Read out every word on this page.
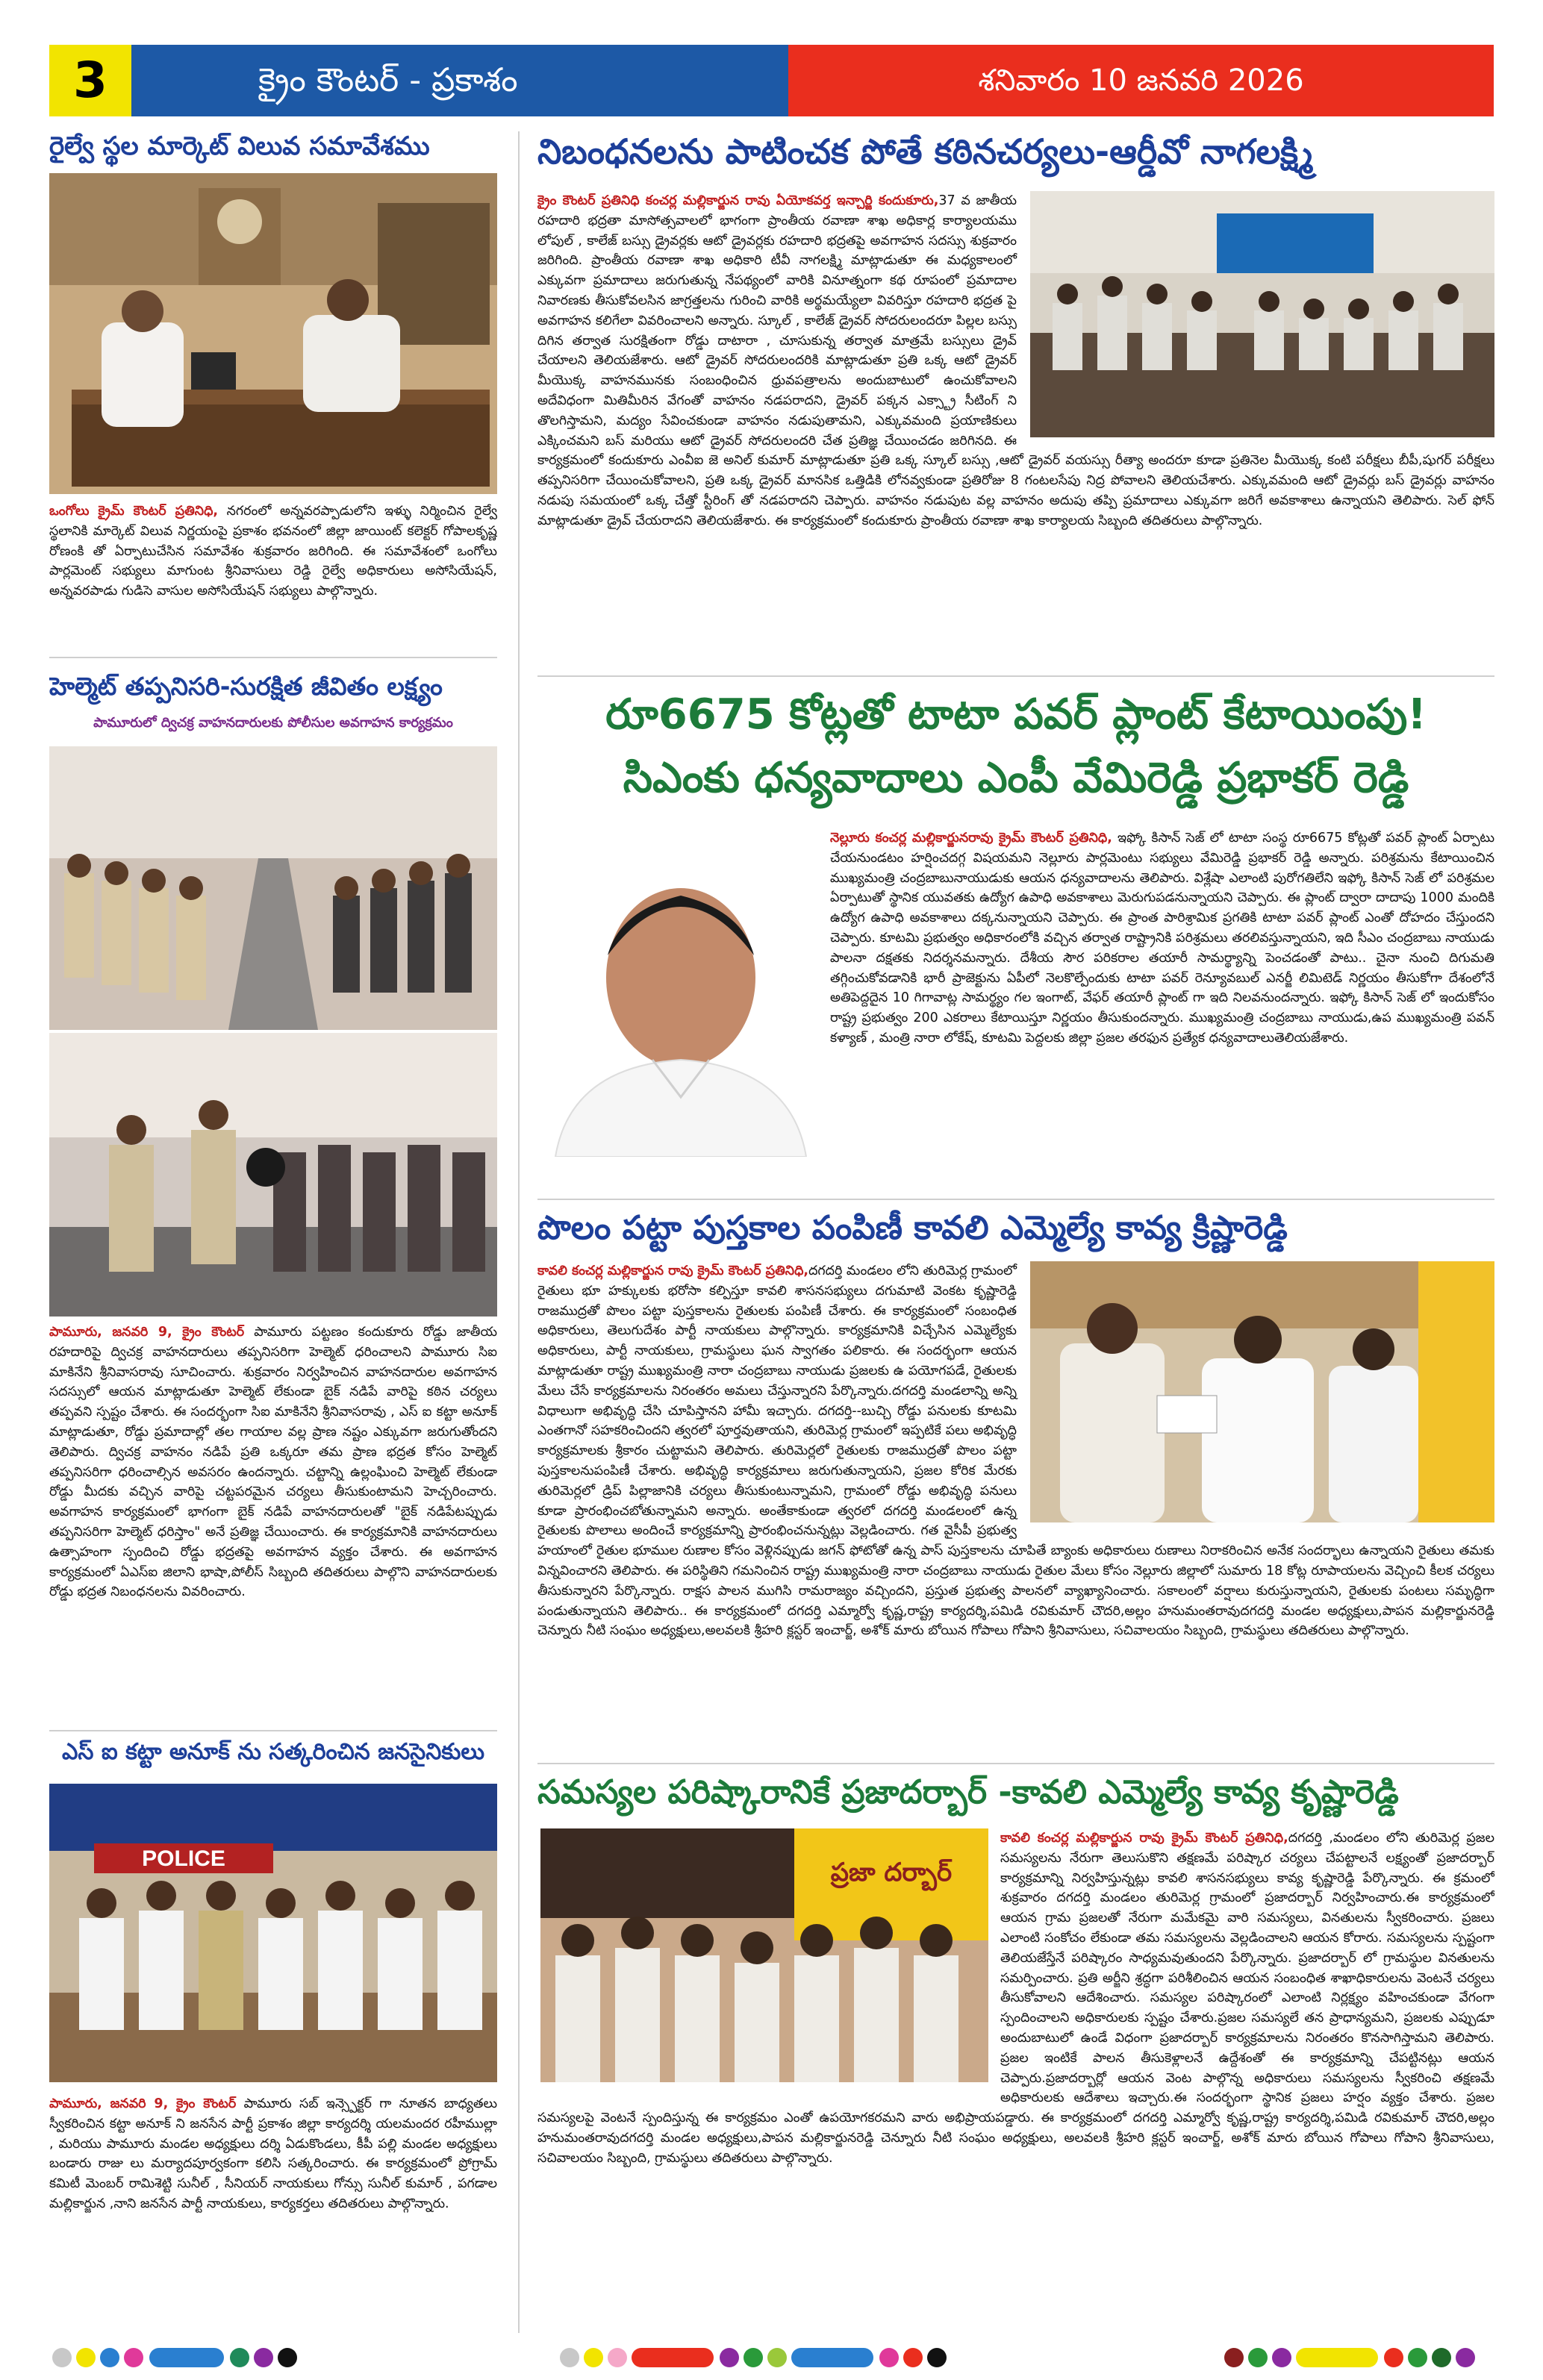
3	క్రైం కౌంటర్ - ప్రకాశం	శనివారం 10 జనవరి 2026
రైల్వే స్థల మార్కెట్ విలువ సమావేశము
ఒంగోలు క్రైమ్ కౌంటర్ ప్రతినిధి, నగరంలో అన్నవరప్పాడులోని ఇళ్ళు నిర్మించిన రైల్వే స్థలానికి మార్కెట్ విలువ నిర్ణయంపై ప్రకాశం భవనంలో జిల్లా జాయింట్ కలెక్టర్ గోపాలకృష్ణ రోణంకి తో ఏర్పాటుచేసిన సమావేశం శుక్రవారం జరిగింది. ఈ సమావేశంలో ఒంగోలు పార్లమెంట్ సభ్యులు మాగుంట శ్రీనివాసులు రెడ్డి రైల్వే అధికారులు అసోసియేషన్, అన్నవరపాడు గుడిసె వాసుల అసోసియేషన్ సభ్యులు పాల్గొన్నారు.
హెల్మెట్ తప్పనిసరి-సురక్షిత జీవితం లక్ష్యం
పామూరులో ద్విచక్ర వాహనదారులకు పోలీసుల అవగాహన కార్యక్రమం
పామూరు, జనవరి 9, క్రైం కౌంటర్ పామూరు పట్టణం కందుకూరు రోడ్డు జాతీయ రహదారిపై ద్విచక్ర వాహనదారులు తప్పనిసరిగా హెల్మెట్ ధరించాలని పామూరు సిఐ మాకినేని శ్రీనివాసరావు సూచించారు. శుక్రవారం నిర్వహించిన వాహనదారుల అవగాహన సదస్సులో ఆయన మాట్లాడుతూ హెల్మెట్ లేకుండా బైక్ నడిపే వారిపై కఠిన చర్యలు తప్పవని స్పష్టం చేశారు. ఈ సందర్భంగా సిఐ మాకినేని శ్రీనివాసరావు , ఎస్ ఐ కట్టా అనూక్ మాట్లాడుతూ, రోడ్డు ప్రమాదాల్లో తల గాయాల వల్ల ప్రాణ నష్టం ఎక్కువగా జరుగుతోందని తెలిపారు. ద్విచక్ర వాహనం నడిపే ప్రతి ఒక్కరూ తమ ప్రాణ భద్రత కోసం హెల్మెట్ తప్పనిసరిగా ధరించాల్సిన అవసరం ఉందన్నారు. చట్టాన్ని ఉల్లంఘించి హెల్మెట్ లేకుండా రోడ్డు మీదకు వచ్చిన వారిపై చట్టపరమైన చర్యలు తీసుకుంటామని హెచ్చరించారు. అవగాహన కార్యక్రమంలో భాగంగా బైక్ నడిపే వాహనదారులతో "బైక్ నడిపేటప్పుడు తప్పనిసరిగా హెల్మెట్ ధరిస్తాం" అనే ప్రతిజ్ఞ చేయించారు. ఈ కార్యక్రమానికి వాహనదారులు ఉత్సాహంగా స్పందించి రోడ్డు భద్రతపై అవగాహన వ్యక్తం చేశారు. ఈ అవగాహన కార్యక్రమంలో ఏఎస్ఐ జిలాని భాషా,పోలీస్ సిబ్బంది తదితరులు పాల్గొని వాహనదారులకు రోడ్డు భద్రత నిబంధనలను వివరించారు.
ఎస్ ఐ కట్టా అనూక్ ను సత్కరించిన జనసైనికులు
POLICE
పామూరు, జనవరి 9, క్రైం కౌంటర్ పామూరు సబ్ ఇన్స్పెక్టర్ గా నూతన బాధ్యతలు స్వీకరించిన కట్టా అనూక్ ని జనసేన పార్టీ ప్రకాశం జిల్లా కార్యదర్శి యలమందర రహీముల్లా , మరియు పామూరు మండల అధ్యక్షులు దర్శి ఏడుకొండలు, కీపీ పల్లి మండల అధ్యక్షులు బండారు రాజు లు మర్యాదపూర్వకంగా కలిసి సత్కరించారు. ఈ కార్యక్రమంలో ప్రోగ్రామ్ కమిటీ మెంబర్ రామిశెట్టి సునీల్ , సీనియర్ నాయకులు గోన్సు సునీల్ కుమార్ , పగడాల మల్లికార్జున ,నాని జనసేన పార్టీ నాయకులు, కార్యకర్తలు తదితరులు పాల్గొన్నారు.
నిబంధనలను పాటించక పోతే కఠినచర్యలు-ఆర్డీవో నాగలక్ష్మి
క్రైం కౌంటర్ ప్రతినిధి కంచర్ల మల్లికార్జున రావు ఏయోకవర్త ఇన్చార్జి కందుకూరు,37 వ జాతీయ రహదారి భద్రతా మాసోత్సవాలలో భాగంగా ప్రాంతీయ రవాణా శాఖ అధికార్ల కార్యాలయము లోపుల్ , కాలేజ్ బస్సు డ్రైవర్లకు ఆటో డ్రైవర్లకు రహదారి భద్రతపై అవగాహన సదస్సు శుక్రవారం జరిగింది. ప్రాంతీయ రవాణా శాఖ అధికారి టీవీ నాగలక్ష్మి మాట్లాడుతూ ఈ మధ్యకాలంలో ఎక్కువగా ప్రమాదాలు జరుగుతున్న నేపథ్యంలో వారికి వినూత్నంగా కథ రూపంలో ప్రమాదాల నివారణకు తీసుకోవలసిన జాగ్రత్తలను గురించి వారికి అర్థమయ్యేలా వివరిస్తూ రహదారి భద్రత పై అవగాహన కలిగేలా వివరించాలని అన్నారు. స్కూల్ , కాలేజ్ డ్రైవర్ సోదరులందరూ పిల్లల బస్సు దిగిన తర్వాత సురక్షితంగా రోడ్డు దాటారా , చూసుకున్న తర్వాత మాత్రమే బస్సులు డ్రైవ్ చేయాలని తెలియజేశారు. ఆటో డ్రైవర్ సోదరులందరికి మాట్లాడుతూ ప్రతి ఒక్క ఆటో డ్రైవర్ మీయొక్క వాహనమునకు సంబంధించిన ధ్రువపత్రాలను అందుబాటులో ఉంచుకోవాలని అదేవిధంగా మితిమీరిన వేగంతో వాహనం నడపరాదని, డ్రైవర్ పక్కన ఎక్స్ట్రా సీటింగ్ ని తొలగిస్తామని, మద్యం సేవించకుండా వాహనం నడుపుతామని, ఎక్కువమంది ప్రయాణికులు ఎక్కించమని బస్ మరియు ఆటో డ్రైవర్ సోదరులందరి చేత ప్రతిజ్ఞ చేయించడం జరిగినది. ఈ కార్యక్రమంలో కందుకూరు ఎంవీఐ జె అనిల్ కుమార్ మాట్లాడుతూ ప్రతి ఒక్క స్కూల్ బస్సు ,ఆటో డ్రైవర్ వయస్సు రీత్యా అందరూ కూడా ప్రతినెల మీయొక్క కంటి పరీక్షలు బీపీ,షుగర్ పరీక్షలు తప్పనిసరిగా చేయించుకోవాలని, ప్రతి ఒక్క డ్రైవర్ మానసిక ఒత్తిడికి లోనవ్వకుండా ప్రతిరోజు 8 గంటలసేపు నిద్ర పోవాలని తెలియచేశారు. ఎక్కువమంది ఆటో డ్రైవర్లు బస్ డ్రైవర్లు వాహనం నడుపు సమయంలో ఒక్క చేత్తో స్టీరింగ్ తో నడపరాదని చెప్పారు. వాహనం నడుపుట వల్ల వాహనం అదుపు తప్పి ప్రమాదాలు ఎక్కువగా జరిగే అవకాశాలు ఉన్నాయని తెలిపారు. సెల్ ఫోన్ మాట్లాడుతూ డ్రైవ్ చేయరాదని తెలియజేశారు. ఈ కార్యక్రమంలో కందుకూరు ప్రాంతీయ రవాణా శాఖ కార్యాలయ సిబ్బంది తదితరులు పాల్గొన్నారు.
రూ6675 కోట్లతో టాటా పవర్ ప్లాంట్ కేటాయింపు!
సిఎంకు ధన్యవాదాలు ఎంపీ వేమిరెడ్డి ప్రభాకర్ రెడ్డి
నెల్లూరు కంచర్ల మల్లికార్జునరావు క్రైమ్ కౌంటర్ ప్రతినిధి, ఇఫ్కో కిసాన్ సెజ్ లో టాటా సంస్థ రూ6675 కోట్లతో పవర్ ప్లాంట్ ఏర్పాటు చేయనుండటం హర్షించదగ్గ విషయమని నెల్లూరు పార్లమెంటు సభ్యులు వేమిరెడ్డి ప్రభాకర్ రెడ్డి అన్నారు. పరిశ్రమను కేటాయించిన ముఖ్యమంత్రి చంద్రబాబునాయుడుకు ఆయన ధన్యవాదాలను తెలిపారు. విశ్లేషా ఎలాంటి పురోగతిలేని ఇఫ్కో కిసాన్ సెజ్ లో పరిశ్రమల ఏర్పాటుతో స్థానిక యువతకు ఉద్యోగ ఉపాధి అవకాశాలు మెరుగుపడనున్నాయని చెప్పారు. ఈ ప్లాంట్ ద్వారా దాదాపు 1000 మందికి ఉద్యోగ ఉపాధి అవకాశాలు దక్కనున్నాయని చెప్పారు. ఈ ప్రాంత పారిశ్రామిక ప్రగతికి టాటా పవర్ ప్లాంట్ ఎంతో దోహదం చేస్తుందని చెప్పారు. కూటమి ప్రభుత్వం అధికారంలోకి వచ్చిన తర్వాత రాష్ట్రానికి పరిశ్రమలు తరలివస్తున్నాయని, ఇది సీఎం చంద్రబాబు నాయుడు పాలనా దక్షతకు నిదర్శనమన్నారు. దేశీయ సౌర పరికరాల తయారీ సామర్థ్యాన్ని పెంచడంతో పాటు.. చైనా నుంచి దిగుమతి తగ్గించుకోవడానికి భారీ ప్రాజెక్టును ఏపీలో నెలకొల్పేందుకు టాటా పవర్ రెన్యూవబుల్ ఎనర్జీ లిమిటెడ్ నిర్ణయం తీసుకోగా దేశంలోనే అతిపెద్దదైన 10 గిగావాట్ల సామర్థ్యం గల ఇంగాట్, వేఫర్ తయారీ ప్లాంట్ గా ఇది నిలవనుందన్నారు. ఇఫ్కో కిసాన్ సెజ్ లో ఇందుకోసం రాష్ట్ర ప్రభుత్వం 200 ఎకరాలు కేటాయిస్తూ నిర్ణయం తీసుకుందన్నారు. ముఖ్యమంత్రి చంద్రబాబు నాయుడు,ఉప ముఖ్యమంత్రి పవన్ కళ్యాణ్ , మంత్రి నారా లోకేష్, కూటమి పెద్దలకు జిల్లా ప్రజల తరఫున ప్రత్యేక ధన్యవాదాలుతెలియజేశారు.
పొలం పట్టా పుస్తకాల పంపిణీ కావలి ఎమ్మెల్యే కావ్య క్రిష్ణారెడ్డి
కావలి కంచర్ల మల్లికార్జున రావు క్రైమ్ కౌంటర్ ప్రతినిధి,దగదర్తి మండలం లోని తురిమెర్ల గ్రామంలో రైతులు భూ హక్కులకు భరోసా కల్పిస్తూ కావలి శాసనసభ్యులు దగుమాటి వెంకట కృష్ణారెడ్డి రాజముద్రతో పొలం పట్టా పుస్తకాలను రైతులకు పంపిణీ చేశారు. ఈ కార్యక్రమంలో సంబంధిత అధికారులు, తెలుగుదేశం పార్టీ నాయకులు పాల్గొన్నారు. కార్యక్రమానికి విచ్చేసిన ఎమ్మెల్యేకు అధికారులు, పార్టీ నాయకులు, గ్రామస్థులు ఘన స్వాగతం పలికారు. ఈ సందర్భంగా ఆయన మాట్లాడుతూ రాష్ట్ర ముఖ్యమంత్రి నారా చంద్రబాబు నాయుడు ప్రజలకు ఉ పయోగపడే, రైతులకు మేలు చేసే కార్యక్రమాలను నిరంతరం అమలు చేస్తున్నారని పేర్కొన్నారు.దగదర్తి మండలాన్ని అన్ని విధాలుగా అభివృద్ధి చేసి చూపిస్తానని హామీ ఇచ్చారు. దగదర్తి--బుచ్చి రోడ్డు పనులకు కూటమి ఎంతగానో సహకరించిందని త్వరలో పూర్తవుతాయని, తురిమెర్ల గ్రామంలో ఇప్పటికే పలు అభివృద్ధి కార్యక్రమాలకు శ్రీకారం చుట్టామని తెలిపారు. తురిమెర్లలో రైతులకు రాజముద్రతో పొలం పట్టా పుస్తకాలనుపంపిణీ చేశారు. అభివృద్ధి కార్యక్రమాలు జరుగుతున్నాయని, ప్రజల కోరిక మేరకు తురిమెర్లలో డ్రిప్ పిల్లాజానికి చర్యలు తీసుకుంటున్నామని, గ్రామంలో రోడ్డు అభివృద్ధి పనులు కూడా ప్రారంభించబోతున్నామని అన్నారు. అంతేకాకుండా త్వరలో దగదర్తి మండలంలో ఉన్న రైతులకు పొలాలు అందించే కార్యక్రమాన్ని ప్రారంభించనున్నట్లు వెల్లడించారు. గత వైసీపీ ప్రభుత్వ హయాంలో రైతుల భూముల రుణాల కోసం వెళ్లినప్పుడు జగన్ ఫోటోతో ఉన్న పాస్ పుస్తకాలను చూపితే బ్యాంకు అధికారులు రుణాలు నిరాకరించిన అనేక సందర్భాలు ఉన్నాయని రైతులు తమకు విన్నవించారని తెలిపారు. ఈ పరిస్థితిని గమనించిన రాష్ట్ర ముఖ్యమంత్రి నారా చంద్రబాబు నాయుడు రైతుల మేలు కోసం నెల్లూరు జిల్లాలో సుమారు 18 కోట్ల రూపాయలను వెచ్చించి కీలక చర్యలు తీసుకున్నారని పేర్కొన్నారు. రాక్షస పాలన ముగిసి రామరాజ్యం వచ్చిందని, ప్రస్తుత ప్రభుత్వ పాలనలో వ్యాఖ్యానించారు. సకాలంలో వర్షాలు కురుస్తున్నాయని, రైతులకు పంటలు సమృద్ధిగా పండుతున్నాయని తెలిపారు.. ఈ కార్యక్రమంలో దగదర్తి ఎమ్మార్వో కృష్ణ,రాష్ట్ర కార్యదర్శి,పమిడి రవికుమార్ చౌదరి,అల్లం హనుమంతరావుదగదర్తి మండల అధ్యక్షులు,పాపన మల్లికార్జునరెడ్డి చెన్నూరు నీటి సంఘం అధ్యక్షులు,అలవలకి శ్రీహరి క్లస్టర్ ఇంచార్జ్, అశోక్ మారు బోయిన గోపాలు గోపాని శ్రీనివాసులు, సచివాలయం సిబ్బంది, గ్రామస్థులు తదితరులు పాల్గొన్నారు.
సమస్యల పరిష్కారానికే ప్రజాదర్బార్ -కావలి ఎమ్మెల్యే కావ్య కృష్ణారెడ్డి
ప్రజా దర్బార్
కావలి కంచర్ల మల్లికార్జున రావు క్రైమ్ కౌంటర్ ప్రతినిధి,దగదర్తి ,మండలం లోని తురిమెర్ల ప్రజల సమస్యలను నేరుగా తెలుసుకొని తక్షణమే పరిష్కార చర్యలు చేపట్టాలనే లక్ష్యంతో ప్రజాదర్బార్ కార్యక్రమాన్ని నిర్వహిస్తున్నట్లు కావలి శాసనసభ్యులు కావ్య కృష్ణారెడ్డి పేర్కొన్నారు. ఈ క్రమంలో శుక్రవారం దగదర్తి మండలం తురిమెర్ల గ్రామంలో ప్రజాదర్బార్ నిర్వహించారు.ఈ కార్యక్రమంలో ఆయన గ్రామ ప్రజలతో నేరుగా మమేకమై వారి సమస్యలు, వినతులను స్వీకరించారు. ప్రజలు ఎలాంటి సంకోచం లేకుండా తమ సమస్యలను వెల్లడించాలని ఆయన కోరారు. సమస్యలను స్పష్టంగా తెలియజేస్తేనే పరిష్కారం సాధ్యమవుతుందని పేర్కొన్నారు. ప్రజాదర్బార్ లో గ్రామస్థుల వినతులను సమర్పించారు. ప్రతి అర్జీని శ్రద్ధగా పరిశీలించిన ఆయన సంబంధిత శాఖాధికారులను వెంటనే చర్యలు తీసుకోవాలని ఆదేశించారు. సమస్యల పరిష్కారంలో ఎలాంటి నిర్లక్ష్యం వహించకుండా వేగంగా స్పందించాలని అధికారులకు స్పష్టం చేశారు.ప్రజల సమస్యలే తన ప్రాధాన్యమని, ప్రజలకు ఎప్పుడూ అందుబాటులో ఉండే విధంగా ప్రజాదర్బార్ కార్యక్రమాలను నిరంతరం కొనసాగిస్తామని తెలిపారు. ప్రజల ఇంటికే పాలన తీసుకెళ్లాలనే ఉద్దేశంతో ఈ కార్యక్రమాన్ని చేపట్టినట్లు ఆయన చెప్పారు.ప్రజాదర్బార్లో ఆయన వెంట పాల్గొన్న అధికారులు సమస్యలను స్వీకరించి తక్షణమే అధికారులకు ఆదేశాలు ఇచ్చారు.ఈ సందర్భంగా స్థానిక ప్రజలు హర్షం వ్యక్తం చేశారు. ప్రజల సమస్యలపై వెంటనే స్పందిస్తున్న ఈ కార్యక్రమం ఎంతో ఉపయోగకరమని వారు అభిప్రాయపడ్డారు. ఈ కార్యక్రమంలో దగదర్తి ఎమ్మార్వో కృష్ణ,రాష్ట్ర కార్యదర్శి,పమిడి రవికుమార్ చౌదరి,అల్లం హనుమంతరావుదగదర్తి మండల అధ్యక్షులు,పాపన మల్లికార్జునరెడ్డి చెన్నూరు నీటి సంఘం అధ్యక్షులు, అలవలకి శ్రీహరి క్లస్టర్ ఇంచార్జ్, అశోక్ మారు బోయిన గోపాలు గోపాని శ్రీనివాసులు, సచివాలయం సిబ్బంది, గ్రామస్థులు తదితరులు పాల్గొన్నారు.
